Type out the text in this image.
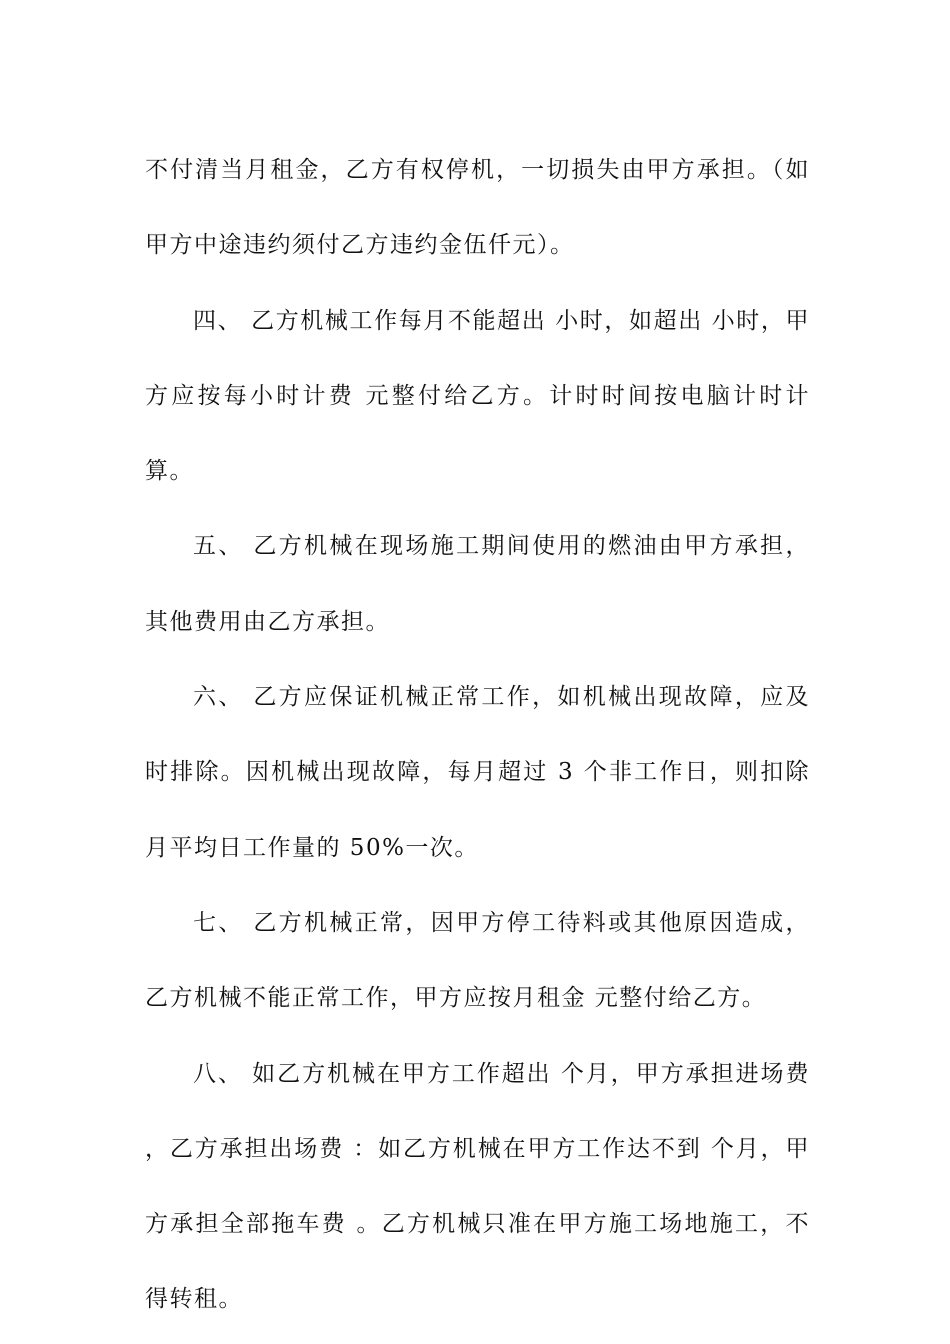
不付清当月租金，乙方有权停机，一切损失由甲方承担。（如甲方中途违约须付乙方违约金伍仟元）。

四、 乙方机械工作每月不能超出 小时，如超出 小时，甲方应按每小时计费 元整付给乙方。计时时间按电脑计时计算。

五、 乙方机械在现场施工期间使用的燃油由甲方承担，其他费用由乙方承担。

六、 乙方应保证机械正常工作，如机械出现故障，应及时排除。因机械出现故障，每月超过 3 个非工作日，则扣除月平均日工作量的 50%一次。

七、 乙方机械正常，因甲方停工待料或其他原因造成，乙方机械不能正常工作，甲方应按月租金 元整付给乙方。

八、 如乙方机械在甲方工作超出 个月，甲方承担进场费 ，乙方承担出场费 ：如乙方机械在甲方工作达不到 个月，甲方承担全部拖车费 。乙方机械只准在甲方施工场地施工，不得转租。
